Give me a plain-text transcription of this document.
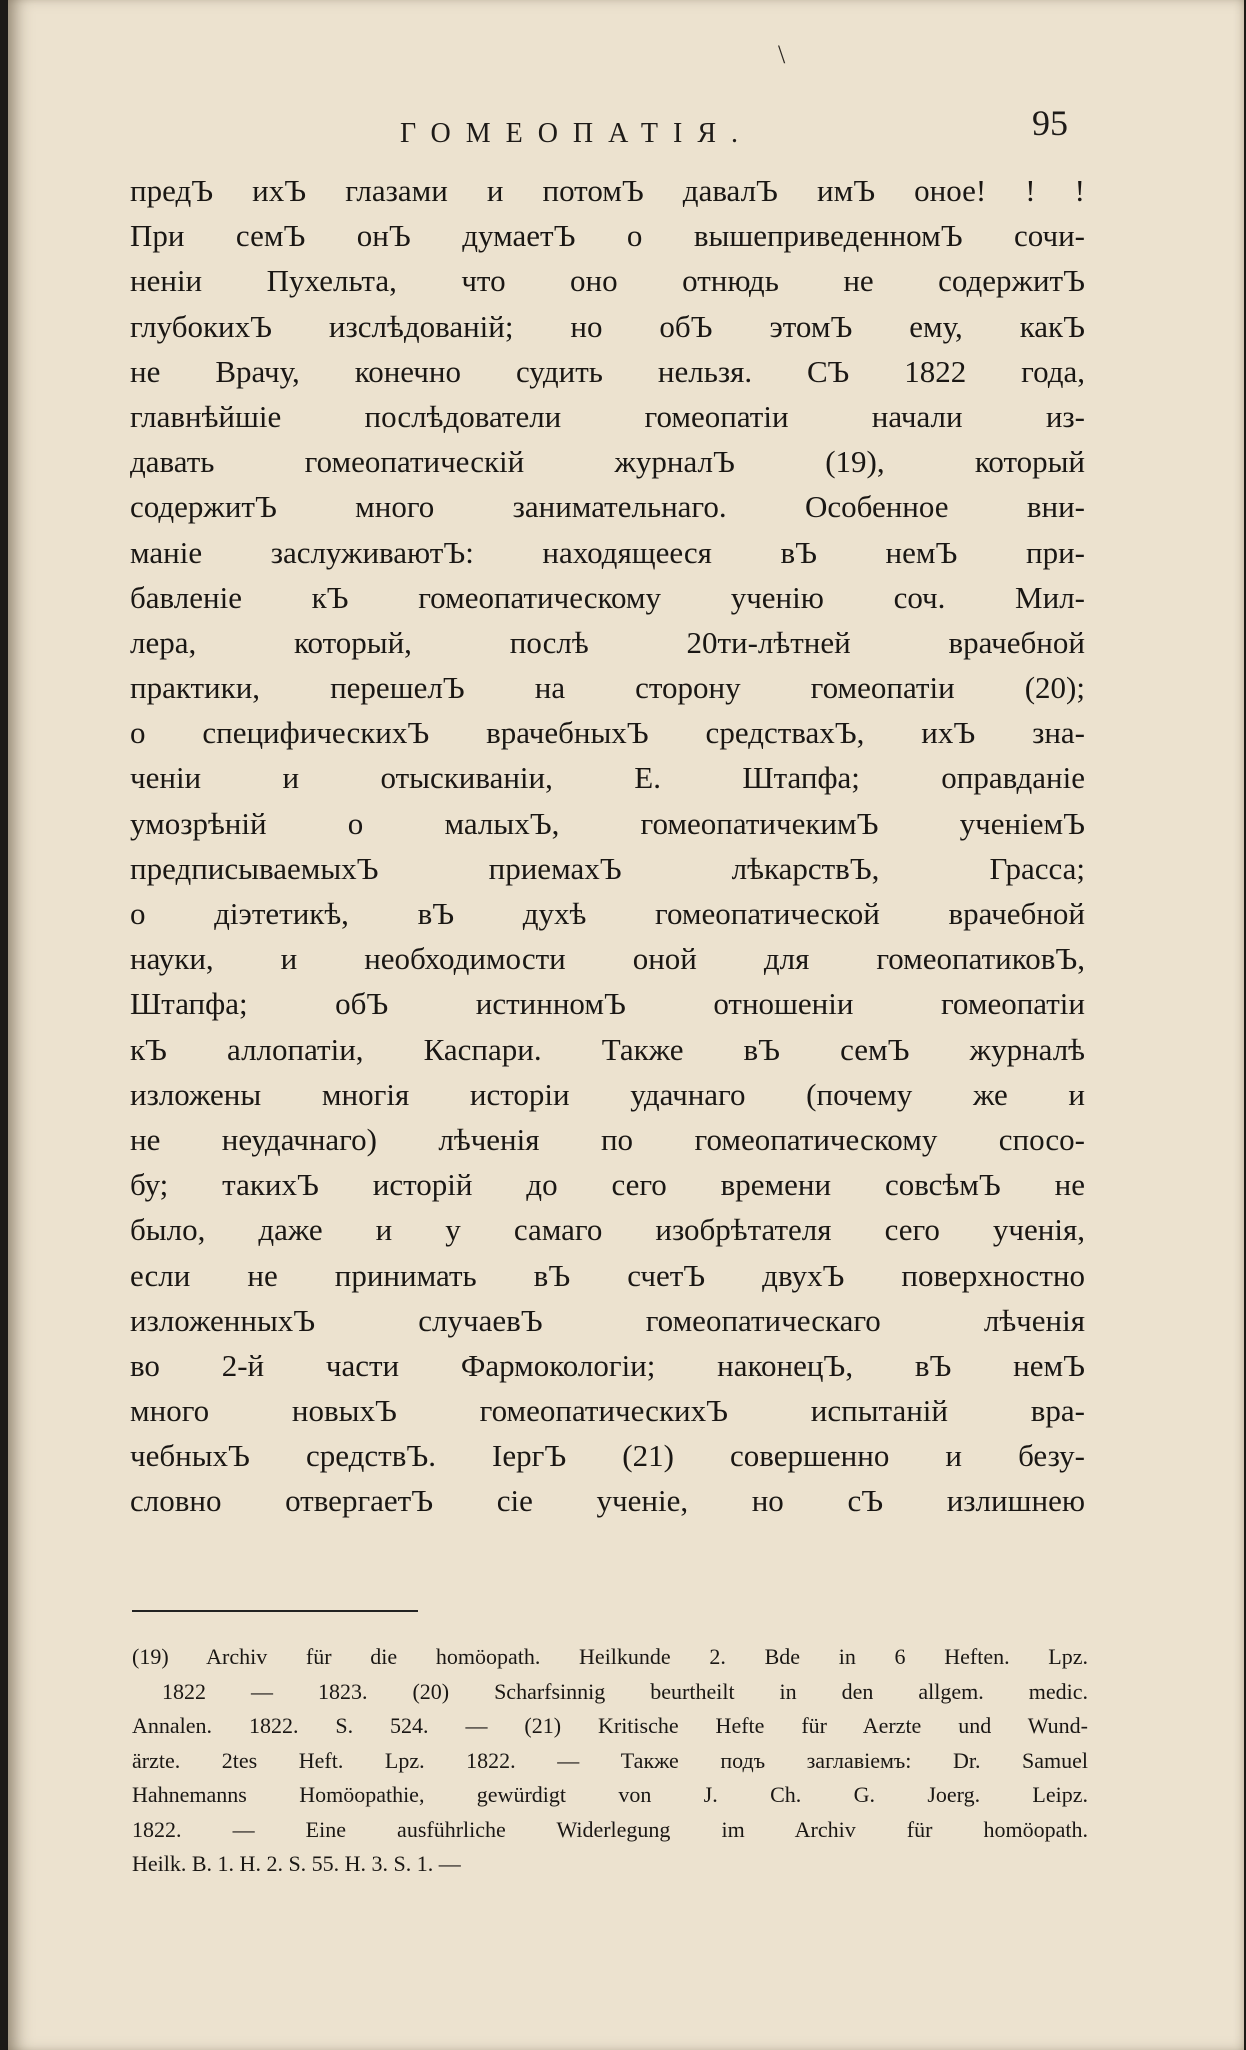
\
ГОМЕОПАТІЯ.	95
предЪ ихЪ глазами и потомЪ давалЪ имЪ оное! ! !
При семЪ онЪ думаетЪ о вышеприведенномЪ сочи-
неніи Пухельта, что оно отнюдь не содержитЪ
глубокихЪ изслѣдованій; но обЪ этомЪ ему, какЪ
не Врачу, конечно судить нельзя. СЪ 1822 года,
главнѣйшіе послѣдователи гомеопатіи начали из-
давать гомеопатическій журналЪ (19), который
содержитЪ много занимательнаго. Особенное вни-
маніе заслуживаютЪ: находящееся вЪ немЪ при-
бавленіе кЪ гомеопатическому ученію соч. Мил-
лера, который, послѣ 20ти-лѣтней врачебной
практики, перешелЪ на сторону гомеопатіи (20);
о специфическихЪ врачебныхЪ средствахЪ, ихЪ зна-
ченіи и отыскиваніи, Е. Штапфа; оправданіе
умозрѣній о малыхЪ, гомеопатичекимЪ ученіемЪ
предписываемыхЪ приемахЪ лѣкарствЪ, Грасса;
о діэтетикѣ, вЪ духѣ гомеопатической врачебной
науки, и необходимости оной для гомеопатиковЪ,
Штапфа; обЪ истинномЪ отношеніи гомеопатіи
кЪ аллопатіи, Каспари. Также вЪ семЪ журналѣ
изложены многія исторіи удачнаго (почему же и
не неудачнаго) лѣченія по гомеопатическому спосо-
бу; такихЪ исторій до сего времени совсѣмЪ не
было, даже и у самаго изобрѣтателя сего ученія,
если не принимать вЪ счетЪ двухЪ поверхностно
изложенныхЪ случаевЪ гомеопатическаго лѣченія
во 2-й части Фармокологіи; наконецЪ, вЪ немЪ
много новыхЪ гомеопатическихЪ испытаній вра-
чебныхЪ средствЪ. ІергЪ (21) совершенно и безу-
словно отвергаетЪ сіе ученіе, но сЪ излишнею
(19) Archiv für die homöopath. Heilkunde 2. Bde in 6 Heften. Lpz.
1822 — 1823. (20) Scharfsinnig beurtheilt in den allgem. medic.
Annalen. 1822. S. 524. — (21) Kritische Hefte für Aerzte und Wund-
ärzte. 2tes Heft. Lpz. 1822. — Также подъ заглавіемъ: Dr. Samuel
Hahnemanns Homöopathie, gewürdigt von J. Ch. G. Joerg. Leipz.
1822. — Eine ausführliche Widerlegung im Archiv für homöopath.
Heilk. B. 1. H. 2. S. 55. H. 3. S. 1. —
